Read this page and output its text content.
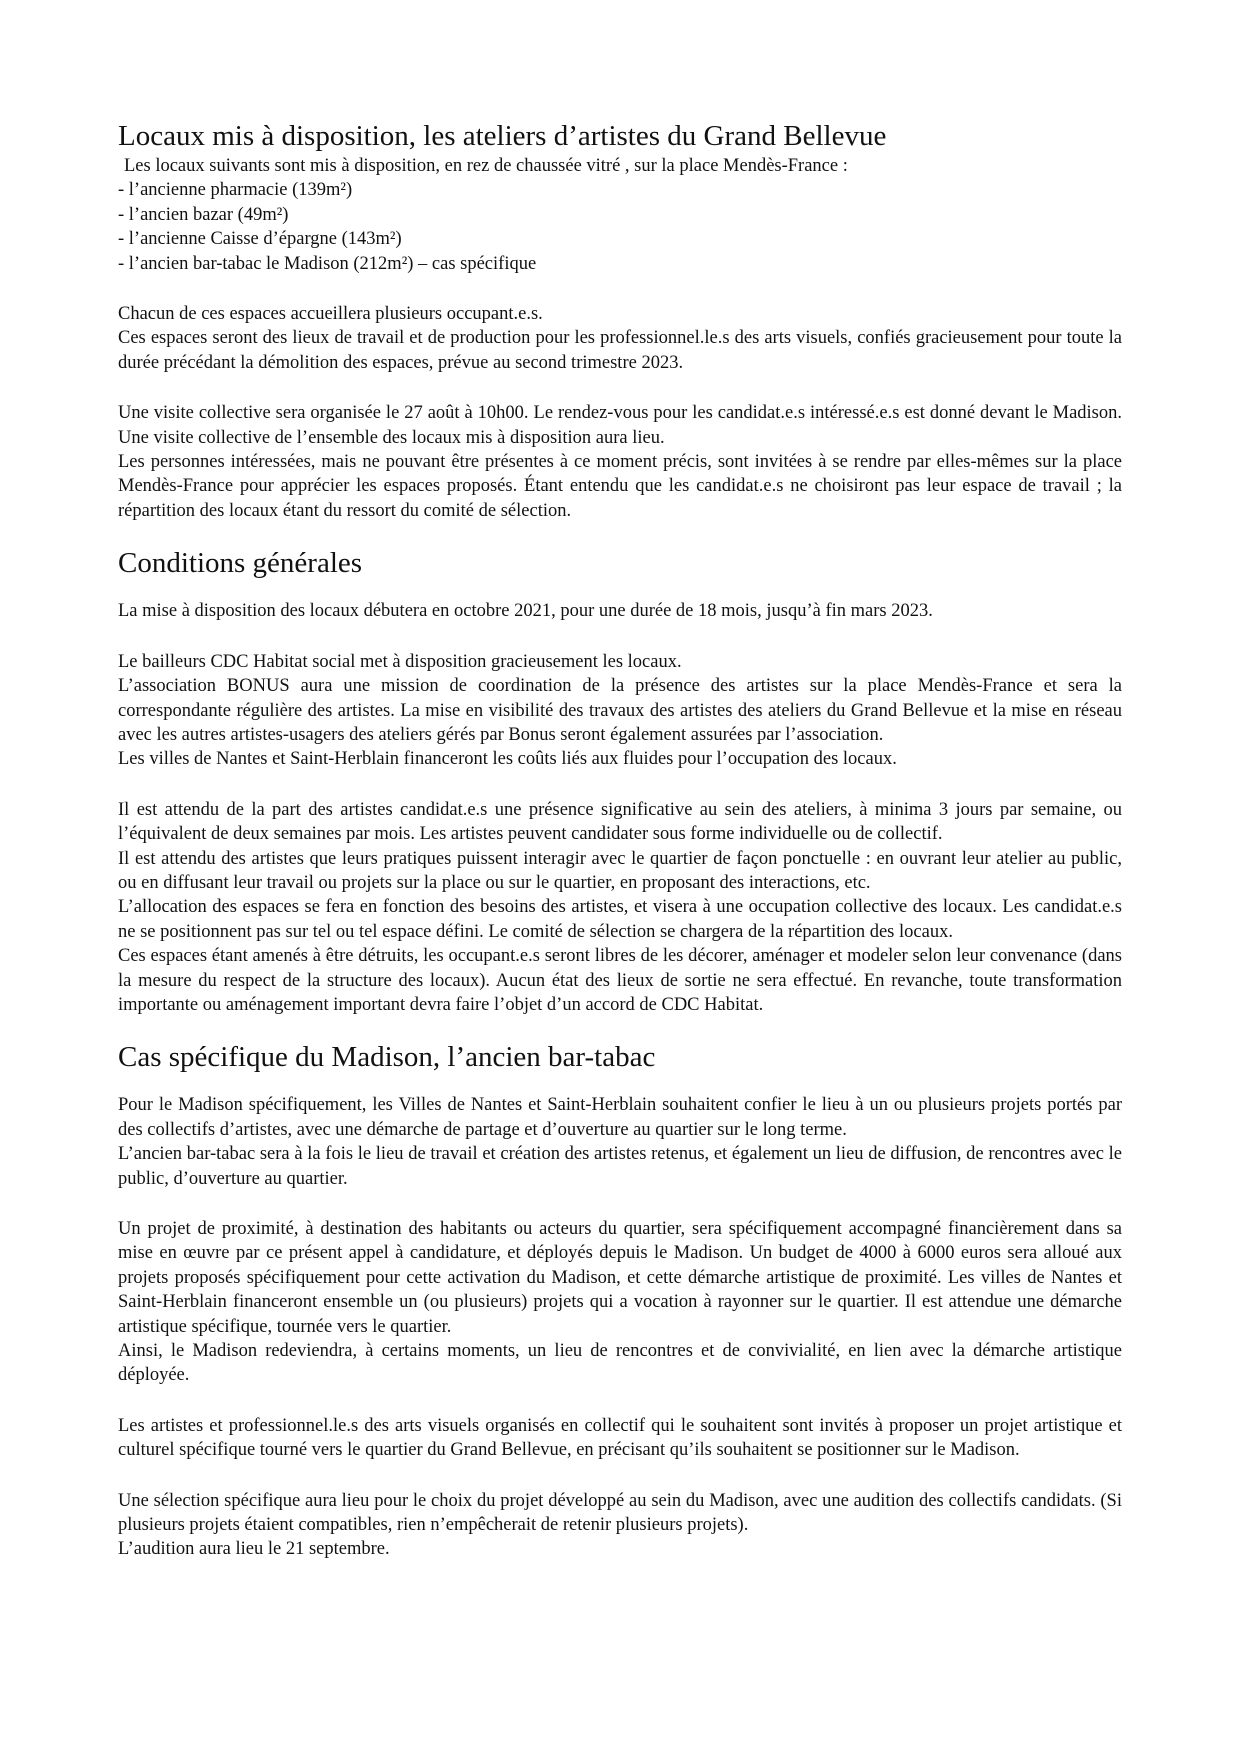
Locaux mis à disposition, les ateliers d’artistes du Grand Bellevue

Les locaux suivants sont mis à disposition, en rez de chaussée vitré , sur la place Mendès-France :

- l’ancienne pharmacie (139m²)

- l’ancien bazar (49m²)

- l’ancienne Caisse d’épargne (143m²)

- l’ancien bar-tabac le Madison (212m²) – cas spécifique

Chacun de ces espaces accueillera plusieurs occupant.e.s.

Ces espaces seront des lieux de travail et de production pour les professionnel.le.s des arts visuels, confiés gracieusement pour toute la durée précédant la démolition des espaces, prévue au second trimestre 2023.

Une visite collective sera organisée le 27 août à 10h00. Le rendez-vous pour les candidat.e.s intéressé.e.s est donné devant le Madison. Une visite collective de l’ensemble des locaux mis à disposition aura lieu.

Les personnes intéressées, mais ne pouvant être présentes à ce moment précis, sont invitées à se rendre par elles-mêmes sur la place Mendès-France pour apprécier les espaces proposés. Étant entendu que les candidat.e.s ne choisiront pas leur espace de travail ; la répartition des locaux étant du ressort du comité de sélection.

Conditions générales

La mise à disposition des locaux débutera en octobre 2021, pour une durée de 18 mois, jusqu’à fin mars 2023.

Le bailleurs CDC Habitat social met à disposition gracieusement les locaux.

L’association BONUS aura une mission de coordination de la présence des artistes sur la place Mendès-France et sera la correspondante régulière des artistes. La mise en visibilité des travaux des artistes des ateliers du Grand Bellevue et la mise en réseau avec les autres artistes-usagers des ateliers gérés par Bonus seront également assurées par l’association.

Les villes de Nantes et Saint-Herblain financeront les coûts liés aux fluides pour l’occupation des locaux.

Il est attendu de la part des artistes candidat.e.s une présence significative au sein des ateliers, à minima 3 jours par semaine, ou l’équivalent de deux semaines par mois. Les artistes peuvent candidater sous forme individuelle ou de collectif.

Il est attendu des artistes que leurs pratiques puissent interagir avec le quartier de façon ponctuelle : en ouvrant leur atelier au public, ou en diffusant leur travail ou projets sur la place ou sur le quartier, en proposant des interactions, etc.

L’allocation des espaces se fera en fonction des besoins des artistes, et visera à une occupation collective des locaux. Les candidat.e.s ne se positionnent pas sur tel ou tel espace défini. Le comité de sélection se chargera de la répartition des locaux.

Ces espaces étant amenés à être détruits, les occupant.e.s seront libres de les décorer, aménager et modeler selon leur convenance (dans la mesure du respect de la structure des locaux). Aucun état des lieux de sortie ne sera effectué. En revanche, toute transformation importante ou aménagement important devra faire l’objet d’un accord de CDC Habitat.

Cas spécifique du Madison, l’ancien bar-tabac

Pour le Madison spécifiquement, les Villes de Nantes et Saint-Herblain souhaitent confier le lieu à un ou plusieurs projets portés par des collectifs d’artistes, avec une démarche de partage et d’ouverture au quartier sur le long terme.

L’ancien bar-tabac sera à la fois le lieu de travail et création des artistes retenus, et également un lieu de diffusion, de rencontres avec le public, d’ouverture au quartier.

Un projet de proximité, à destination des habitants ou acteurs du quartier, sera spécifiquement accompagné financièrement dans sa mise en œuvre par ce présent appel à candidature, et déployés depuis le Madison. Un budget de 4000 à 6000 euros sera alloué aux projets proposés spécifiquement pour cette activation du Madison, et cette démarche artistique de proximité. Les villes de Nantes et Saint-Herblain financeront ensemble un (ou plusieurs) projets qui a vocation à rayonner sur le quartier. Il est attendue une démarche artistique spécifique, tournée vers le quartier.

Ainsi, le Madison redeviendra, à certains moments, un lieu de rencontres et de convivialité, en lien avec la démarche artistique déployée.

Les artistes et professionnel.le.s des arts visuels organisés en collectif qui le souhaitent sont invités à proposer un projet artistique et culturel spécifique tourné vers le quartier du Grand Bellevue, en précisant qu’ils souhaitent se positionner sur le Madison.

Une sélection spécifique aura lieu pour le choix du projet développé au sein du Madison, avec une audition des collectifs candidats. (Si plusieurs projets étaient compatibles, rien n’empêcherait de retenir plusieurs projets).

L’audition aura lieu le 21 septembre.
